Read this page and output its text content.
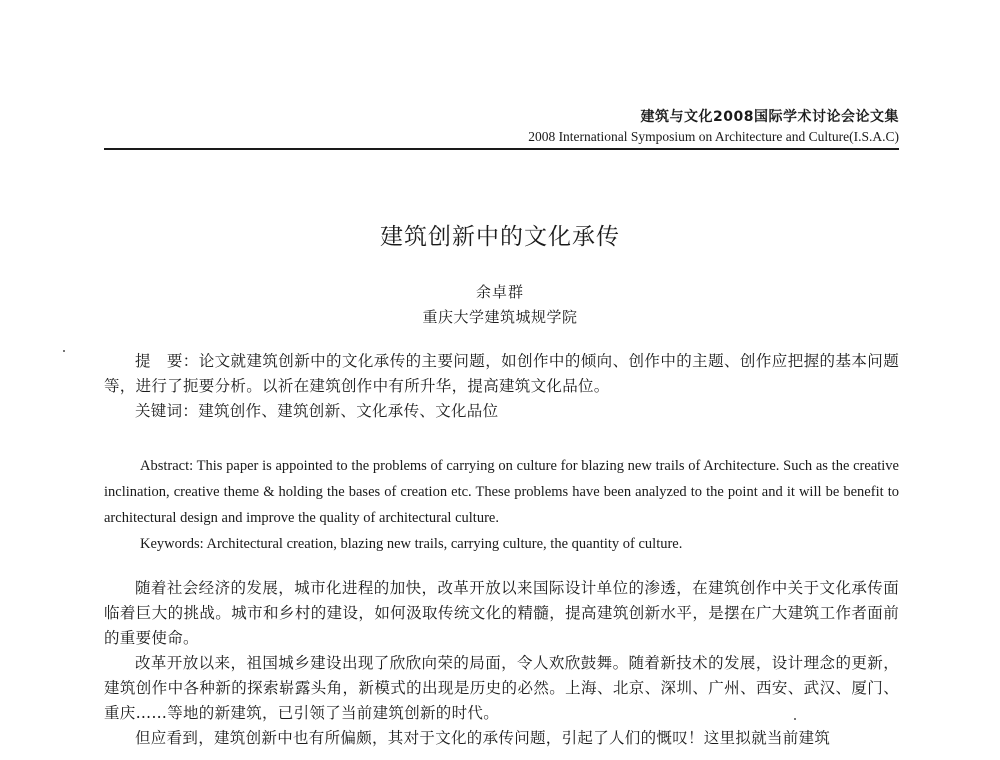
建筑与文化2008国际学术讨论会论文集
2008 International Symposium on Architecture and Culture(I.S.A.C)
建筑创新中的文化承传
余卓群
重庆大学建筑城规学院
提　要：论文就建筑创新中的文化承传的主要问题，如创作中的倾向、创作中的主题、创作应把握的基本问题等，进行了扼要分析。以祈在建筑创作中有所升华，提高建筑文化品位。
关键词：建筑创作、建筑创新、文化承传、文化品位

Abstract: This paper is appointed to the problems of carrying on culture for blazing new trails of Architecture. Such as the creative inclination, creative theme & holding the bases of creation etc. These problems have been analyzed to the point and it will be benefit to architectural design and improve the quality of architectural culture.

Keywords: Architectural creation, blazing new trails, carrying culture, the quantity of culture.

随着社会经济的发展，城市化进程的加快，改革开放以来国际设计单位的渗透，在建筑创作中关于文化承传面临着巨大的挑战。城市和乡村的建设，如何汲取传统文化的精髓，提高建筑创新水平，是摆在广大建筑工作者面前的重要使命。

改革开放以来，祖国城乡建设出现了欣欣向荣的局面，令人欢欣鼓舞。随着新技术的发展，设计理念的更新，建筑创作中各种新的探索崭露头角，新模式的出现是历史的必然。上海、北京、深圳、广州、西安、武汉、厦门、重庆……等地的新建筑，已引领了当前建筑创新的时代。

但应看到，建筑创新中也有所偏颇，其对于文化的承传问题，引起了人们的慨叹！这里拟就当前建筑
